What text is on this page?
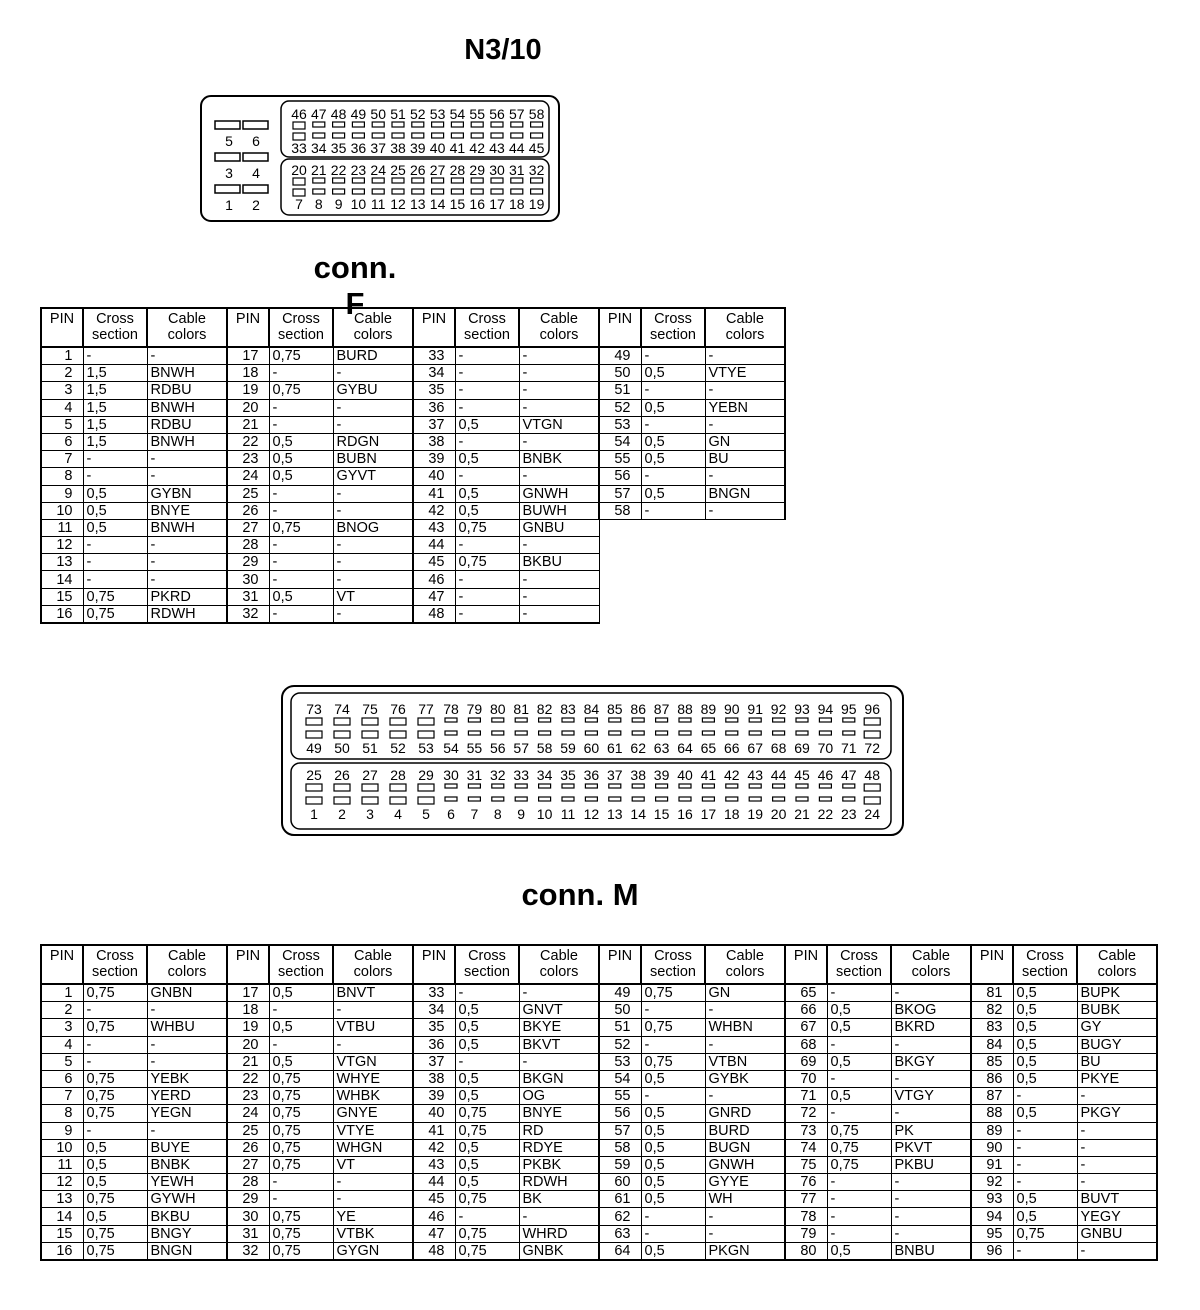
N3/10
5 6
3 4
1 2
46
33
20
7
47
34
21
8
48
35
22
9
49
36
23
10
50
37
24
11
51
38
25
12
52
39
26
13
53
40
27
14
54
41
28
15
55
42
29
16
56
43
30
17
57
44
31
18
58
45
32
19
conn. F
PIN	Cross section	Cable colors	PIN	Cross section	Cable colors	PIN	Cross section	Cable colors	PIN	Cross section	Cable colors
1	-	-	17	0,75	BURD	33	-	-	49	-	-
2	1,5	BNWH	18	-	-	34	-	-	50	0,5	VTYE
3	1,5	RDBU	19	0,75	GYBU	35	-	-	51	-	-
4	1,5	BNWH	20	-	-	36	-	-	52	0,5	YEBN
5	1,5	RDBU	21	-	-	37	0,5	VTGN	53	-	-
6	1,5	BNWH	22	0,5	RDGN	38	-	-	54	0,5	GN
7	-	-	23	0,5	BUBN	39	0,5	BNBK	55	0,5	BU
8	-	-	24	0,5	GYVT	40	-	-	56	-	-
9	0,5	GYBN	25	-	-	41	0,5	GNWH	57	0,5	BNGN
10	0,5	BNYE	26	-	-	42	0,5	BUWH	58	-	-
11	0,5	BNWH	27	0,75	BNOG	43	0,75	GNBU			
12	-	-	28	-	-	44	-	-			
13	-	-	29	-	-	45	0,75	BKBU			
14	-	-	30	-	-	46	-	-			
15	0,75	PKRD	31	0,5	VT	47	-	-			
16	0,75	RDWH	32	-	-	48	-	-			
73
49
25
1
74
50
26
2
75
51
27
3
76
52
28
4
77
53
29
5
78
54
30
6
79
55
31
7
80
56
32
8
81
57
33
9
82
58
34
10
83
59
35
11
84
60
36
12
85
61
37
13
86
62
38
14
87
63
39
15
88
64
40
16
89
65
41
17
90
66
42
18
91
67
43
19
92
68
44
20
93
69
45
21
94
70
46
22
95
71
47
23
96
72
48
24
conn. M
PIN	Cross section	Cable colors	PIN	Cross section	Cable colors	PIN	Cross section	Cable colors	PIN	Cross section	Cable colors	PIN	Cross section	Cable colors	PIN	Cross section	Cable colors
1	0,75	GNBN	17	0,5	BNVT	33	-	-	49	0,75	GN	65	-	-	81	0,5	BUPK
2	-	-	18	-	-	34	0,5	GNVT	50	-	-	66	0,5	BKOG	82	0,5	BUBK
3	0,75	WHBU	19	0,5	VTBU	35	0,5	BKYE	51	0,75	WHBN	67	0,5	BKRD	83	0,5	GY
4	-	-	20	-	-	36	0,5	BKVT	52	-	-	68	-	-	84	0,5	BUGY
5	-	-	21	0,5	VTGN	37	-	-	53	0,75	VTBN	69	0,5	BKGY	85	0,5	BU
6	0,75	YEBK	22	0,75	WHYE	38	0,5	BKGN	54	0,5	GYBK	70	-	-	86	0,5	PKYE
7	0,75	YERD	23	0,75	WHBK	39	0,5	OG	55	-	-	71	0,5	VTGY	87	-	-
8	0,75	YEGN	24	0,75	GNYE	40	0,75	BNYE	56	0,5	GNRD	72	-	-	88	0,5	PKGY
9	-	-	25	0,75	VTYE	41	0,75	RD	57	0,5	BURD	73	0,75	PK	89	-	-
10	0,5	BUYE	26	0,75	WHGN	42	0,5	RDYE	58	0,5	BUGN	74	0,75	PKVT	90	-	-
11	0,5	BNBK	27	0,75	VT	43	0,5	PKBK	59	0,5	GNWH	75	0,75	PKBU	91	-	-
12	0,5	YEWH	28	-	-	44	0,5	RDWH	60	0,5	GYYE	76	-	-	92	-	-
13	0,75	GYWH	29	-	-	45	0,75	BK	61	0,5	WH	77	-	-	93	0,5	BUVT
14	0,5	BKBU	30	0,75	YE	46	-	-	62	-	-	78	-	-	94	0,5	YEGY
15	0,75	BNGY	31	0,75	VTBK	47	0,75	WHRD	63	-	-	79	-	-	95	0,75	GNBU
16	0,75	BNGN	32	0,75	GYGN	48	0,75	GNBK	64	0,5	PKGN	80	0,5	BNBU	96	-	-
